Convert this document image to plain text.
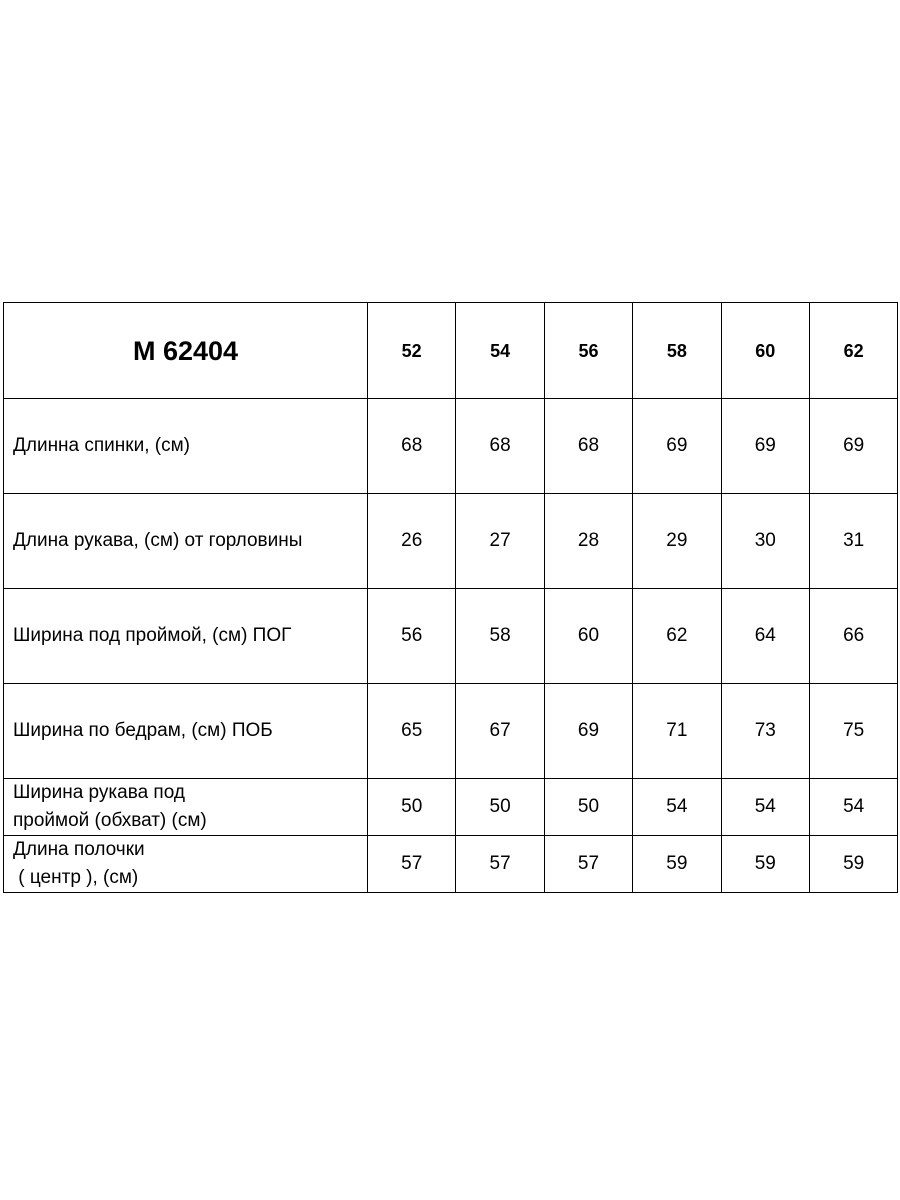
М 62404	52	54	56	58	60	62

Длинна спинки, (см)	68	68	68	69	69	69

Длина рукава, (см) от горловины	26	27	28	29	30	31

Ширина под проймой, (см) ПОГ	56	58	60	62	64	66

Ширина по бедрам, (см) ПОБ	65	67	69	71	73	75

Ширина рукава под
проймой (обхват) (см)	50	50	50	54	54	54

Длина полочки
( центр ), (см)	57	57	57	59	59	59
